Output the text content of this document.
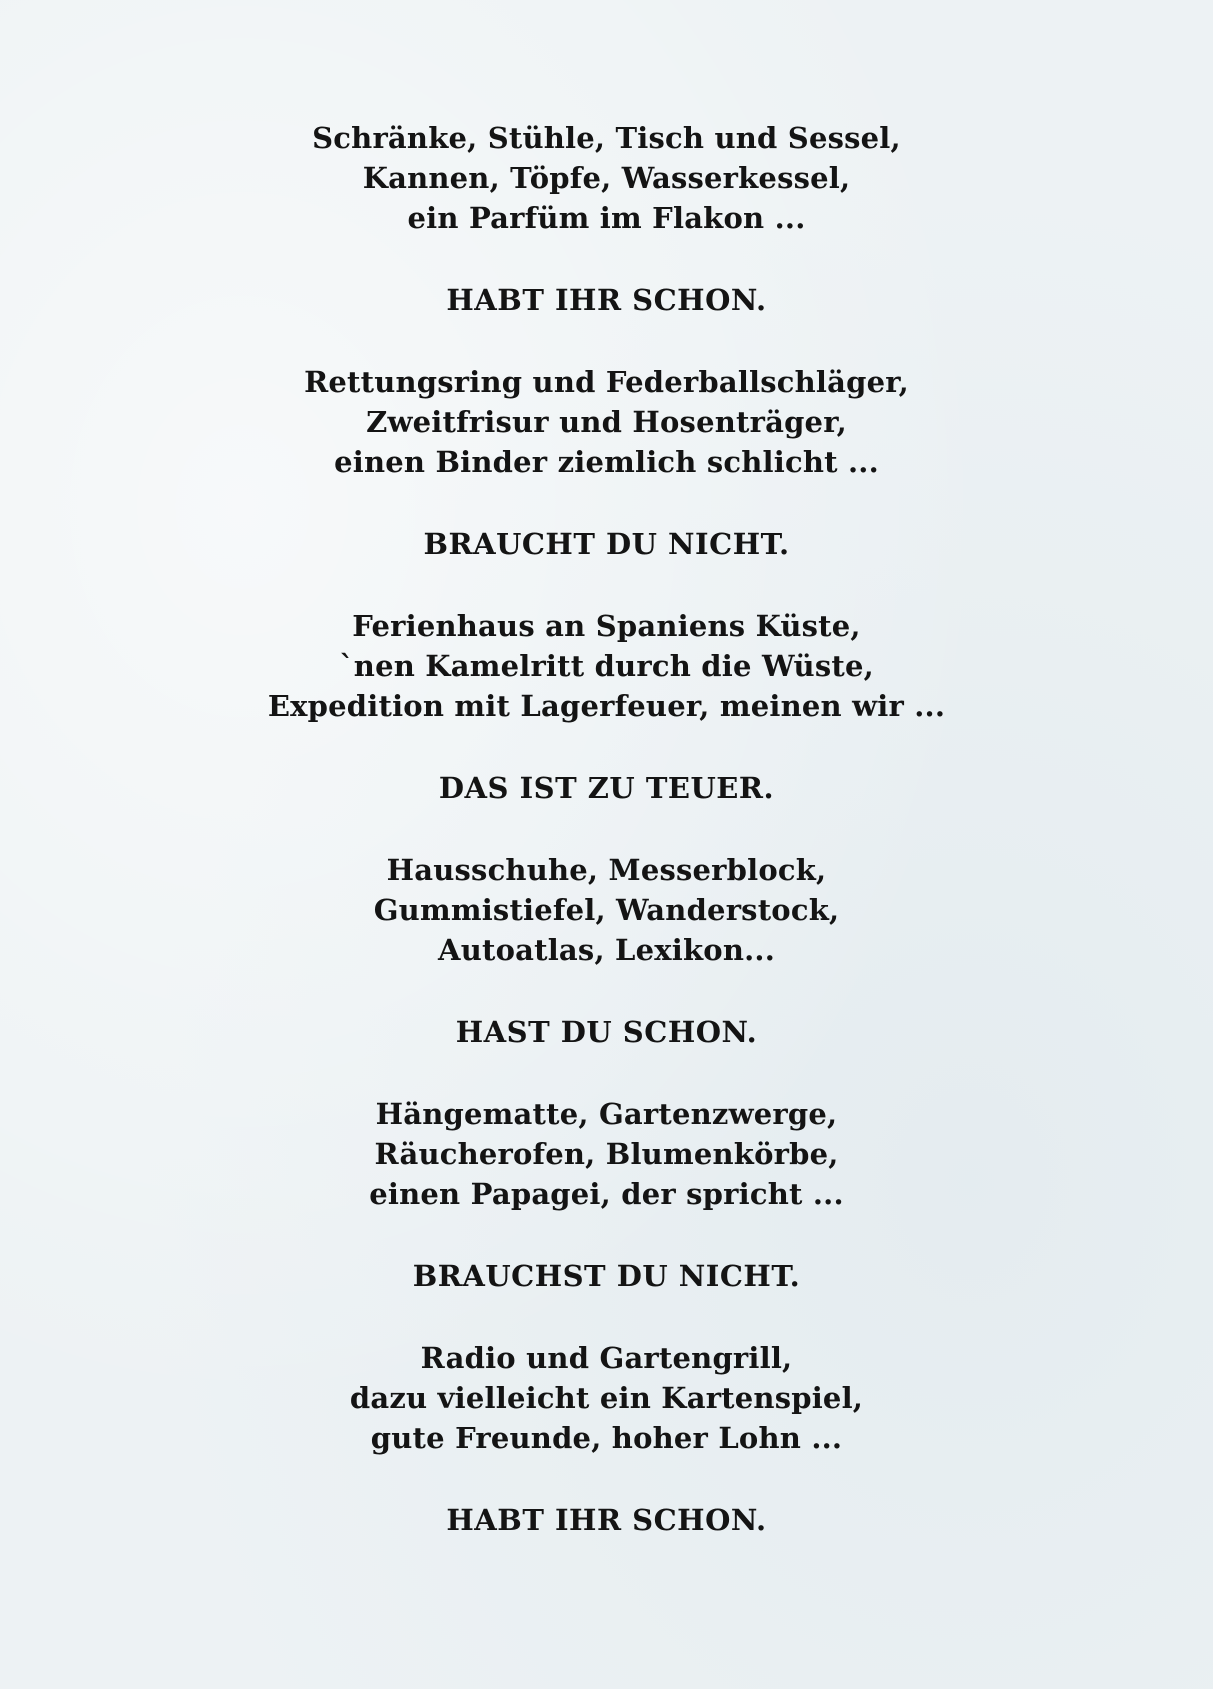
Schränke, Stühle, Tisch und Sessel,
Kannen, Töpfe, Wasserkessel,
ein Parfüm im Flakon ...
HABT IHR SCHON.
Rettungsring und Federballschläger,
Zweitfrisur und Hosenträger,
einen Binder ziemlich schlicht ...
BRAUCHT DU NICHT.
Ferienhaus an Spaniens Küste,
`nen Kamelritt durch die Wüste,
Expedition mit Lagerfeuer, meinen wir ...
DAS IST ZU TEUER.
Hausschuhe, Messerblock,
Gummistiefel, Wanderstock,
Autoatlas, Lexikon...
HAST DU SCHON.
Hängematte, Gartenzwerge,
Räucherofen, Blumenkörbe,
einen Papagei, der spricht ...
BRAUCHST DU NICHT.
Radio und Gartengrill,
dazu vielleicht ein Kartenspiel,
gute Freunde, hoher Lohn ...
HABT IHR SCHON.
